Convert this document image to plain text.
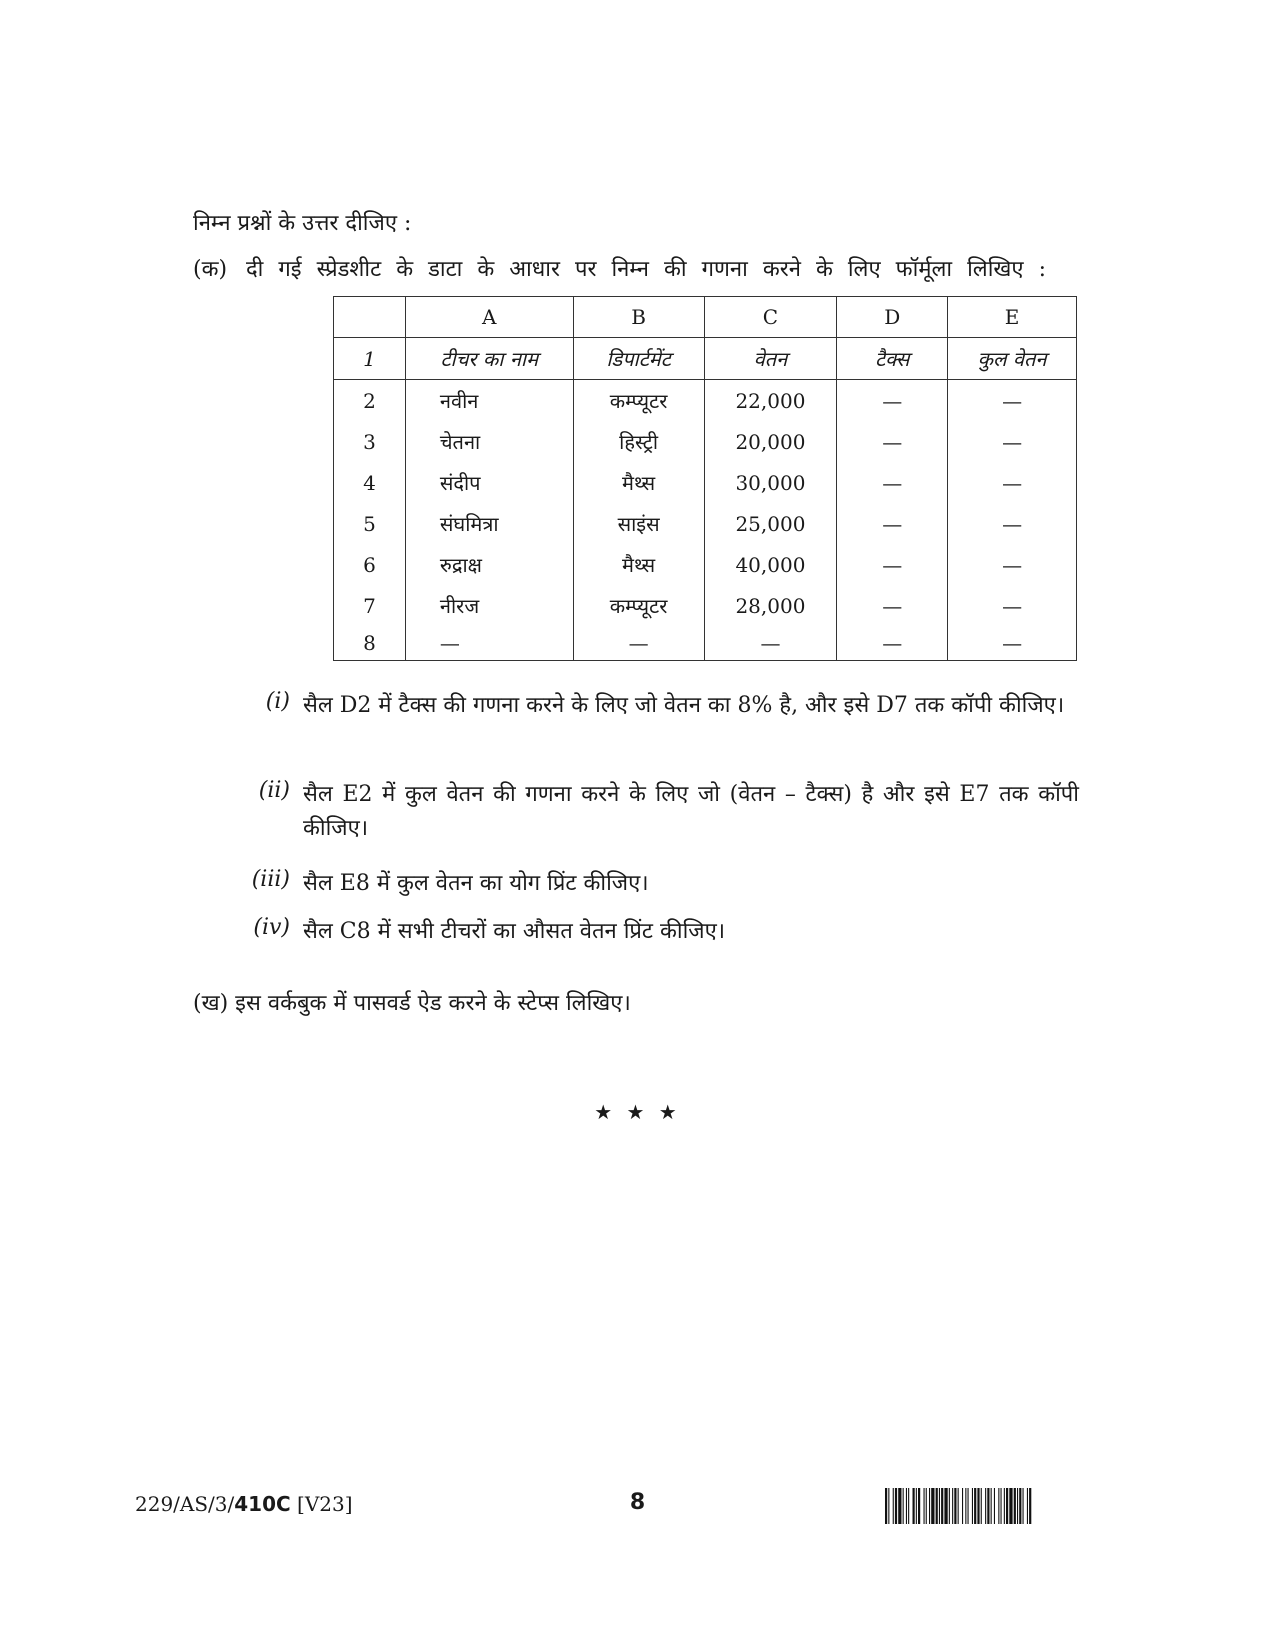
निम्न प्रश्नों के उत्तर दीजिए :
(क) दी गई स्प्रेडशीट के डाटा के आधार पर निम्न की गणना करने के लिए फॉर्मूला लिखिए :
	A	B	C	D	E
1	टीचर का नाम	डिपार्टमेंट	वेतन	टैक्स	कुल वेतन
2	नवीन	कम्प्यूटर	22,000	—	—
3	चेतना	हिस्ट्री	20,000	—	—
4	संदीप	मैथ्स	30,000	—	—
5	संघमित्रा	साइंस	25,000	—	—
6	रुद्राक्ष	मैथ्स	40,000	—	—
7	नीरज	कम्प्यूटर	28,000	—	—
8	—	—	—	—	—
(i) सैल D2 में टैक्स की गणना करने के लिए जो वेतन का 8% है, और इसे D7 तक कॉपी कीजिए।
(ii) सैल E2 में कुल वेतन की गणना करने के लिए जो (वेतन – टैक्स) है और इसे E7 तक कॉपी कीजिए।
(iii) सैल E8 में कुल वेतन का योग प्रिंट कीजिए।
(iv) सैल C8 में सभी टीचरों का औसत वेतन प्रिंट कीजिए।
(ख) इस वर्कबुक में पासवर्ड ऐड करने के स्टेप्स लिखिए।
★ ★ ★
229/AS/3/410C [V23]	8
